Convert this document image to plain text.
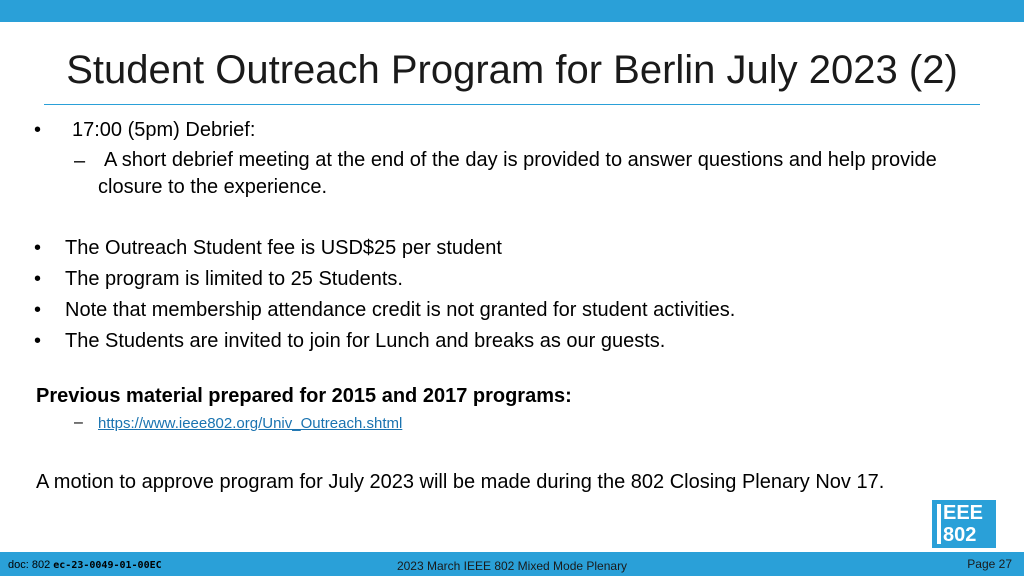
Student Outreach Program for Berlin July 2023 (2)
• 17:00 (5pm) Debrief:
– A short debrief meeting at the end of the day is provided to answer questions and help provide closure to the experience.
• The Outreach Student fee is USD$25 per student
• The program is limited to 25 Students.
• Note that membership attendance credit is not granted for student activities.
• The Students are invited to join for Lunch and breaks as our guests.
Previous material prepared for 2015 and 2017 programs:
– https://www.ieee802.org/Univ_Outreach.shtml
A motion to approve program for July 2023 will be made during the 802 Closing Plenary Nov 17.
EEE
802
doc: 802 ec-23-0049-01-00EC	2023 March IEEE 802 Mixed Mode Plenary	Page 27
